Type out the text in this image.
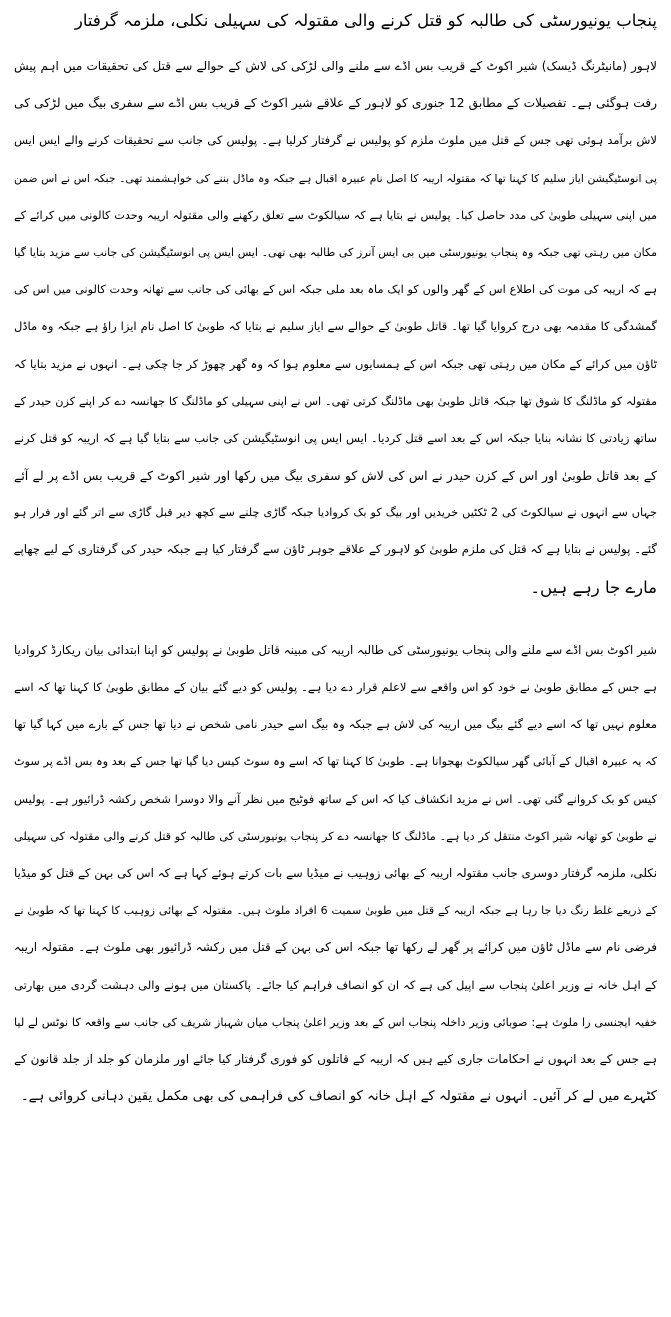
پنجاب یونیورسٹی کی طالبہ کو قتل کرنے والی مقتولہ کی سہیلی نکلی، ملزمہ گرفتار
لاہور (مانیٹرنگ ڈیسک) شیر اکوٹ کے قریب بس اڈے سے ملنے والی لڑکی کی لاش کے حوالے سے قتل کی تحقیقات میں اہم پیش
رفت ہوگئی ہے۔ تفصیلات کے مطابق 12 جنوری کو لاہور کے علاقے شیر اکوٹ کے قریب بس اڈے سے سفری بیگ میں لڑکی کی
لاش برآمد ہوئی تھی جس کے قتل میں ملوث ملزم کو پولیس نے گرفتار کرلیا ہے۔ پولیس کی جانب سے تحقیقات کرنے والے ایس ایس
پی انوسٹیگیشن ایاز سلیم کا کہنا تھا کہ مقتولہ اریبہ کا اصل نام عبیرہ اقبال ہے جبکہ وہ ماڈل بننے کی خواہشمند تھی۔ جبکہ اس نے اس ضمن
میں اپنی سہیلی طوبیٰ کی مدد حاصل کیا۔ پولیس نے بتایا ہے کہ سیالکوٹ سے تعلق رکھنے والی مقتولہ اریبہ وحدت کالونی میں کرائے کے
مکان میں رہتی تھی جبکہ وہ پنجاب یونیورسٹی میں بی ایس آنرز کی طالبہ بھی تھی۔ ایس ایس پی انوسٹیگیشن کی جانب سے مزید بتایا گیا
ہے کہ اریبہ کی موت کی اطلاع اس کے گھر والوں کو ایک ماہ بعد ملی جبکہ اس کے بھائی کی جانب سے تھانہ وحدت کالونی میں اس کی
گمشدگی کا مقدمہ بھی درج کروایا گیا تھا۔ قاتل طوبیٰ کے حوالے سے ایاز سلیم نے بتایا کہ طوبیٰ کا اصل نام ایزا راؤ ہے جبکہ وہ ماڈل
ٹاؤن میں کرائے کے مکان میں رہتی تھی جبکہ اس کے ہمسایوں سے معلوم ہوا کہ وہ گھر چھوڑ کر جا چکی ہے۔ انہوں نے مزید بتایا کہ
مقتولہ کو ماڈلنگ کا شوق تھا جبکہ قاتل طوبیٰ بھی ماڈلنگ کرتی تھی۔ اس نے اپنی سہیلی کو ماڈلنگ کا جھانسہ دے کر اپنے کزن حیدر کے
ساتھ زیادتی کا نشانہ بنایا جبکہ اس کے بعد اسے قتل کردیا۔ ایس ایس پی انوسٹیگیشن کی جانب سے بتایا گیا ہے کہ اریبہ کو قتل کرنے
کے بعد قاتل طوبیٰ اور اس کے کزن حیدر نے اس کی لاش کو سفری بیگ میں رکھا اور شیر اکوٹ کے قریب بس اڈے پر لے آئے
جہاں سے انہوں نے سیالکوٹ کی 2 ٹکٹیں خریدیں اور بیگ کو بک کروادیا جبکہ گاڑی چلنے سے کچھ دیر قبل گاڑی سے اتر گئے اور فرار ہو
گئے۔ پولیس نے بتایا ہے کہ قتل کی ملزم طوبیٰ کو لاہور کے علاقے جوہر ٹاؤن سے گرفتار کیا ہے جبکہ حیدر کی گرفتاری کے لیے چھاپے
مارے جا رہے ہیں۔
شیر اکوٹ بس اڈے سے ملنے والی پنجاب یونیورسٹی کی طالبہ اریبہ کی مبینہ قاتل طوبیٰ نے پولیس کو اپنا ابتدائی بیان ریکارڈ کروادیا
ہے جس کے مطابق طوبیٰ نے خود کو اس واقعے سے لاعلم قرار دے دیا ہے۔ پولیس کو دیے گئے بیان کے مطابق طوبیٰ کا کہنا تھا کہ اسے
معلوم نہیں تھا کہ اسے دیے گئے بیگ میں اریبہ کی لاش ہے جبکہ وہ بیگ اسے حیدر نامی شخص نے دیا تھا جس کے بارے میں کہا گیا تھا
کہ یہ عبیرہ اقبال کے آبائی گھر سیالکوٹ بھجوانا ہے۔ طوبیٰ کا کہنا تھا کہ اسے وہ سوٹ کیس دیا گیا تھا جس کے بعد وہ بس اڈے پر سوٹ
کیس کو بک کروانے گئی تھی۔ اس نے مزید انکشاف کیا کہ اس کے ساتھ فوٹیج میں نظر آنے والا دوسرا شخص رکشہ ڈرائیور ہے۔ پولیس
نے طوبیٰ کو تھانہ شیر اکوٹ منتقل کر دیا ہے۔ ماڈلنگ کا جھانسہ دے کر پنجاب یونیورسٹی کی طالبہ کو قتل کرنے والی مقتولہ کی سہیلی
نکلی، ملزمہ گرفتار دوسری جانب مقتولہ اریبہ کے بھائی زوہیب نے میڈیا سے بات کرتے ہوئے کہا ہے کہ اس کی بہن کے قتل کو میڈیا
کے ذریعے غلط رنگ دیا جا رہا ہے جبکہ اریبہ کے قتل میں طوبیٰ سمیت 6 افراد ملوث ہیں۔ مقتولہ کے بھائی زوہیب کا کہنا تھا کہ طوبیٰ نے
فرضی نام سے ماڈل ٹاؤن میں کرائے پر گھر لے رکھا تھا جبکہ اس کی بہن کے قتل میں رکشہ ڈرائیور بھی ملوث ہے۔ مقتولہ اریبہ
کے اہل خانہ نے وزیر اعلیٰ پنجاب سے اپیل کی ہے کہ ان کو انصاف فراہم کیا جائے۔ پاکستان میں ہونے والی دہشت گردی میں بھارتی
خفیہ ایجنسی را ملوث ہے: صوبائی وزیر داخلہ پنجاب اس کے بعد وزیر اعلیٰ پنجاب میاں شہباز شریف کی جانب سے واقعہ کا نوٹس لے لیا
ہے جس کے بعد انہوں نے احکامات جاری کیے ہیں کہ اریبہ کے قاتلوں کو فوری گرفتار کیا جائے اور ملزمان کو جلد از جلد قانون کے
کٹہرے میں لے کر آئیں۔ انہوں نے مقتولہ کے اہل خانہ کو انصاف کی فراہمی کی بھی مکمل یقین دہانی کروائی ہے۔
